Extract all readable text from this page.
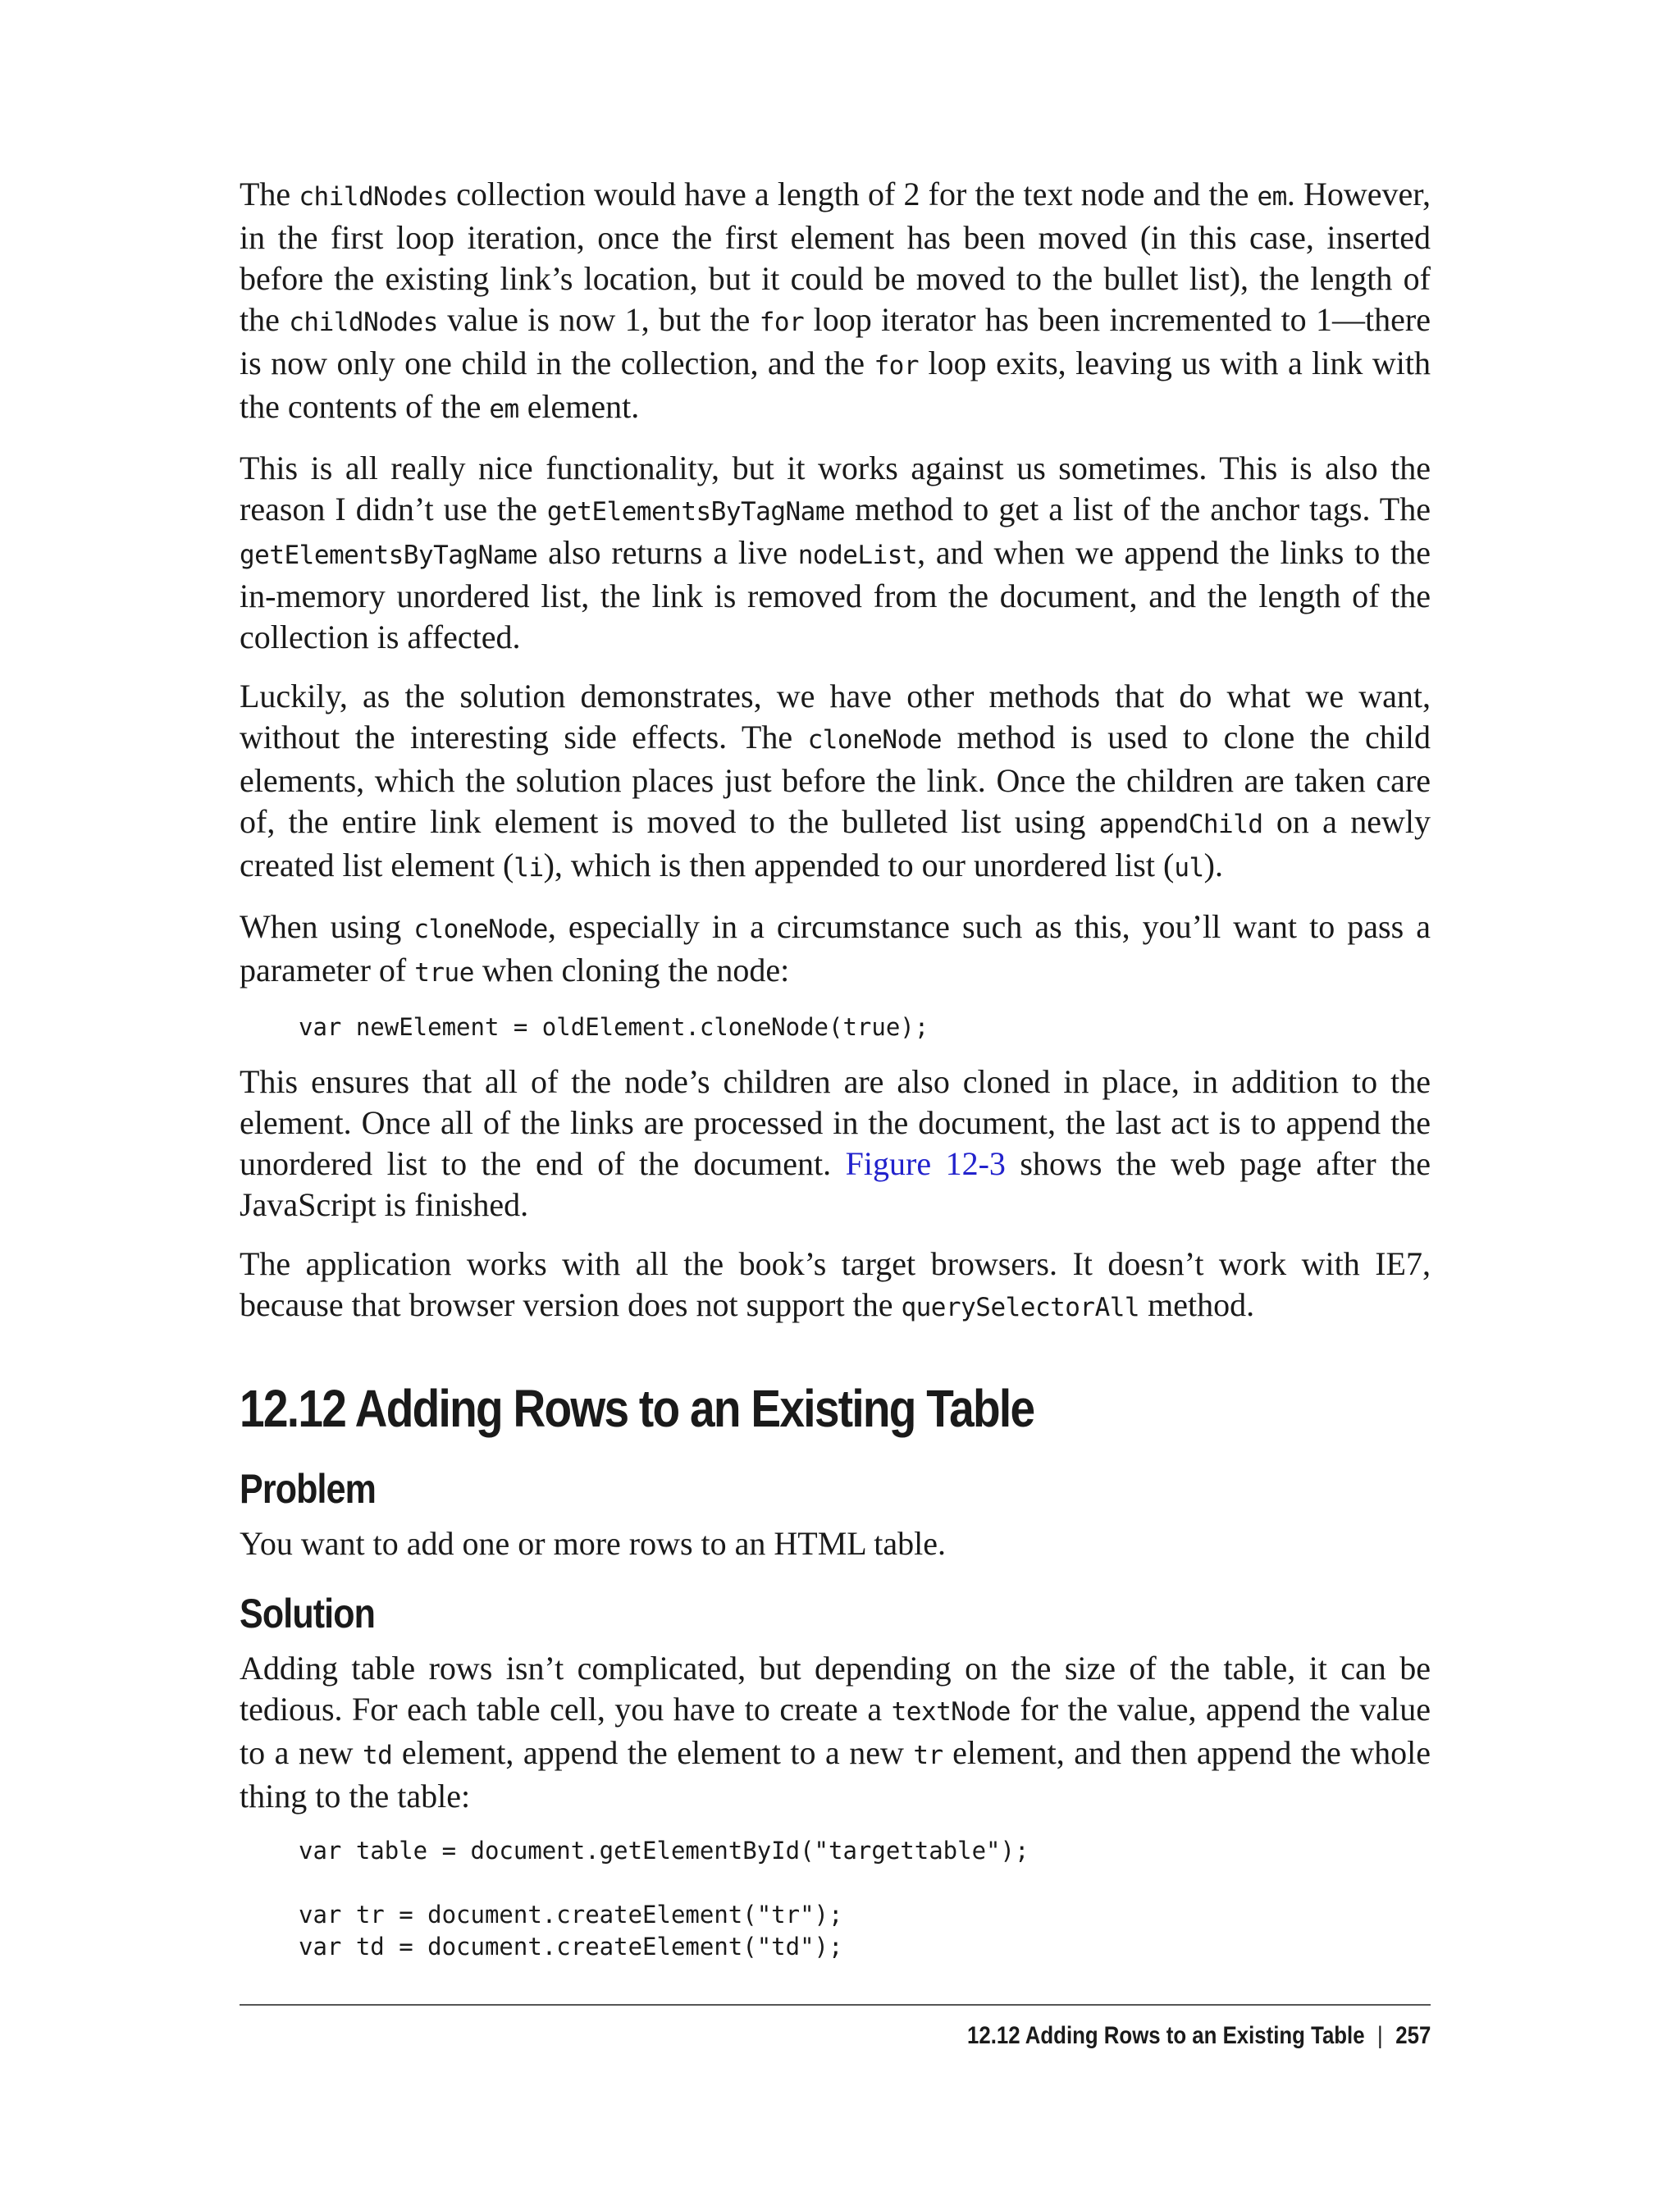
The childNodes collection would have a length of 2 for the text node and the em. However, in the first loop iteration, once the first element has been moved (in this case, inserted before the existing link’s location, but it could be moved to the bullet list), the length of the childNodes value is now 1, but the for loop iterator has been incremented to 1—there is now only one child in the collection, and the for loop exits, leaving us with a link with the contents of the em element.

This is all really nice functionality, but it works against us sometimes. This is also the reason I didn’t use the getElementsByTagName method to get a list of the anchor tags. The getElementsByTagName also returns a live nodeList, and when we append the links to the in-memory unordered list, the link is removed from the document, and the length of the collection is affected.

Luckily, as the solution demonstrates, we have other methods that do what we want, without the interesting side effects. The cloneNode method is used to clone the child elements, which the solution places just before the link. Once the children are taken care of, the entire link element is moved to the bulleted list using appendChild on a newly created list element (li), which is then appended to our unordered list (ul).

When using cloneNode, especially in a circumstance such as this, you’ll want to pass a parameter of true when cloning the node:

var newElement = oldElement.cloneNode(true);

This ensures that all of the node’s children are also cloned in place, in addition to the element. Once all of the links are processed in the document, the last act is to append the unordered list to the end of the document. Figure 12-3 shows the web page after the JavaScript is finished.

The application works with all the book’s target browsers. It doesn’t work with IE7, because that browser version does not support the querySelectorAll method.

12.12 Adding Rows to an Existing Table
Problem

You want to add one or more rows to an HTML table.

Solution

Adding table rows isn’t complicated, but depending on the size of the table, it can be tedious. For each table cell, you have to create a textNode for the value, append the value to a new td element, append the element to a new tr element, and then append the whole thing to the table:

var table = document.getElementById("targettable");

var tr = document.createElement("tr");
var td = document.createElement("td");
12.12 Adding Rows to an Existing Table | 257
